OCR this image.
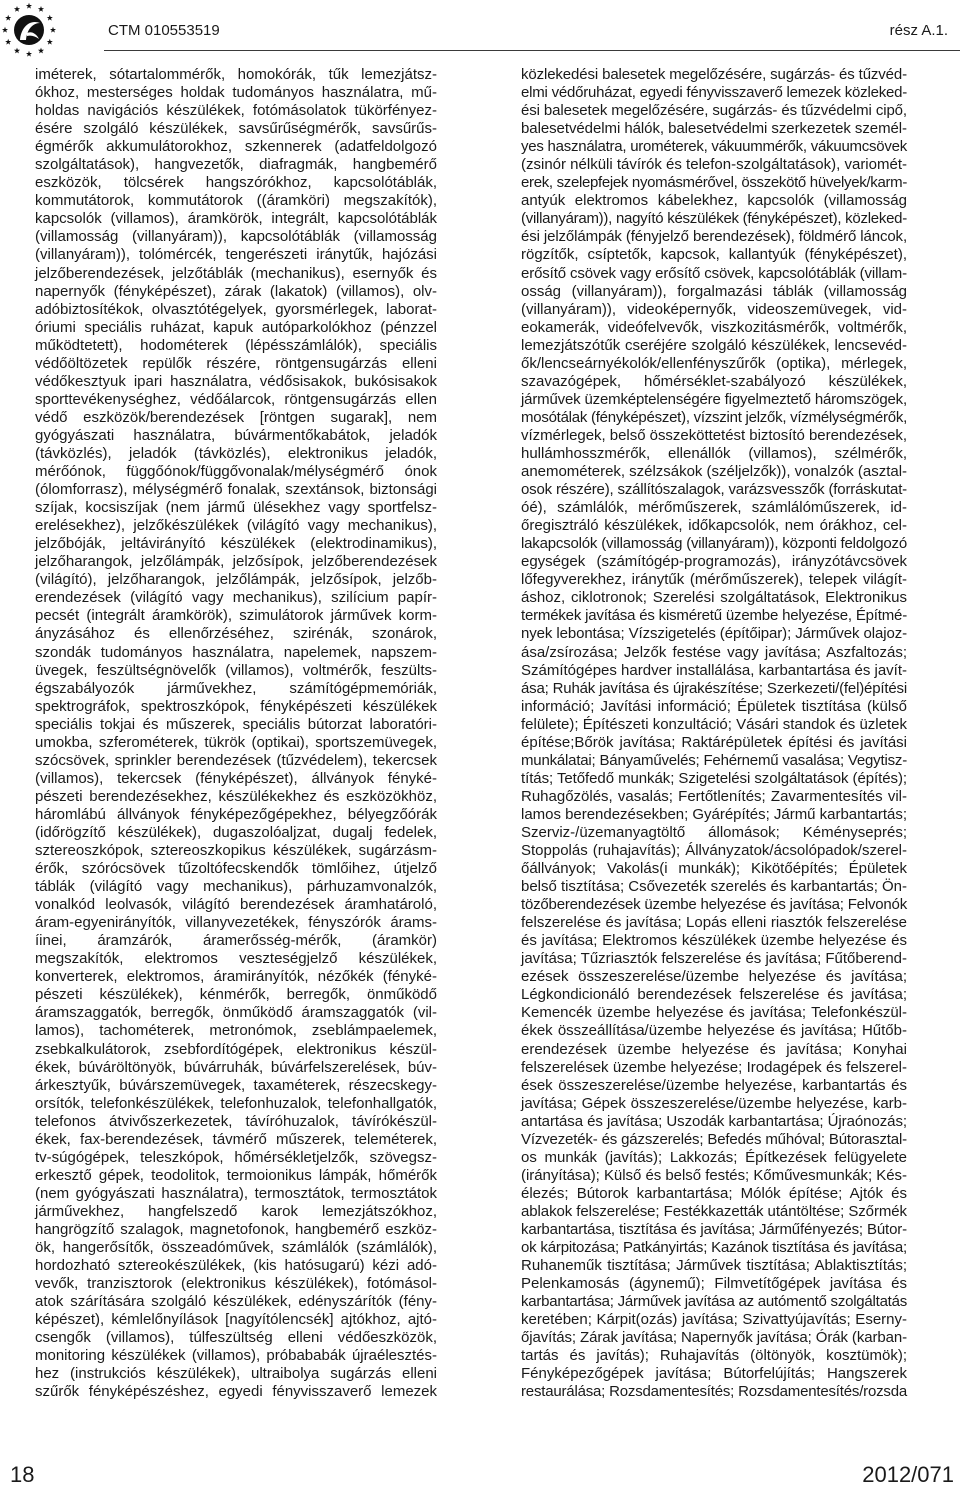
CTM 010553519	rész A.1.
iméterek, sótartalommérők, homokórák, tűk lemezjátsz-
ókhoz, mesterséges holdak tudományos használatra, mű-
holdas navigációs készülékek, fotómásolatok tükörfényez-
ésére szolgáló készülékek, savsűrűségmérők, savsűrűs-
égmérők akkumulátorokhoz, szkennerek (adatfeldolgozó
szolgáltatások), hangvezetők, diafragmák, hangbemérő
eszközök, tölcsérek hangszórókhoz, kapcsolótáblák,
kommutátorok, kommutátorok ((áramköri) megszakítók),
kapcsolók (villamos), áramkörök, integrált, kapcsolótáblák
(villamosság (villanyáram)), kapcsolótáblák (villamosság
(villanyáram)), tolómércék, tengerészeti iránytűk, hajózási
jelzőberendezések, jelzőtáblák (mechanikus), esernyők és
napernyők (fényképészet), zárak (lakatok) (villamos), olv-
adóbiztosítékok, olvasztótégelyek, gyorsmérlegek, laborat-
óriumi speciális ruházat, kapuk autóparkolókhoz (pénzzel
működtetett), hodométerek (lépésszámlálók), speciális
védőöltözetek repülők részére, röntgensugárzás elleni
védőkesztyuk ipari használatra, védősisakok, bukósisakok
sporttevékenységhez, védőálarcok, röntgensugárzás ellen
védő eszközök/berendezések [röntgen sugarak], nem
gyógyászati használatra, búvármentőkabátok, jeladók
(távközlés), jeladók (távközlés), elektronikus jeladók,
mérőónok, függőónok/függővonalak/mélységmérő ónok
(ólomforrasz), mélységmérő fonalak, szextánsok, biztonsági
szíjak, kocsiszíjak (nem jármű ülésekhez vagy sportfelsz-
erelésekhez), jelzőkészülékek (világító vagy mechanikus),
jelzőbóják, jeltávirányító készülékek (elektrodinamikus),
jelzőharangok, jelzőlámpák, jelzősípok, jelzőberendezések
(világító), jelzőharangok, jelzőlámpák, jelzősípok, jelzőb-
erendezések (világító vagy mechanikus), szilícium papír-
pecsét (integrált áramkörök), szimulátorok járművek korm-
ányzásához és ellenőrzéséhez, szirénák, szonárok,
szondák tudományos használatra, napelemek, napszem-
üvegek, feszültségnövelők (villamos), voltmérők, feszülts-
égszabályozók járművekhez, számítógépmemóriák,
spektrográfok, spektroszkópok, fényképészeti készülékek
speciális tokjai és műszerek, speciális bútorzat laboratóri-
umokba, szferométerek, tükrök (optikai), sportszemüvegek,
szócsövek, sprinkler berendezések (tűzvédelem), tekercsek
(villamos), tekercsek (fényképészet), állványok fényké-
pészeti berendezésekhez, készülékekhez és eszközökhöz,
háromlábú állványok fényképezőgépekhez, bélyegzőórák
(időrögzítő készülékek), dugaszolóaljzat, dugalj fedelek,
sztereoszkópok, sztereoszkopikus készülékek, sugárzásm-
érők, szórócsövek tűzoltófecskendők tömlőihez, útjelző
táblák (világító vagy mechanikus), párhuzamvonalzók,
vonalkód leolvasók, világító berendezések áramhatároló,
áram-egyenirányítók, villanyvezetékek, fényszórók árams-
íinei, áramzárók, áramerősség-mérők, (áramkör)
megszakítók, elektromos veszteségjelző készülékek,
konverterek, elektromos, áramirányítók, nézőkék (fényké-
pészeti készülékek), kénmérők, berregők, önműködő
áramszaggatók, berregők, önműködő áramszaggatók (vil-
lamos), tachométerek, metronómok, zseblámpaelemek,
zsebkalkulátorok, zsebfordítógépek, elektronikus készül-
ékek, búváröltönyök, búvárruhák, búvárfelszerelések, búv-
árkesztyűk, búvárszemüvegek, taxaméterek, részecskegy-
orsítók, telefonkészülékek, telefonhuzalok, telefonhallgatók,
telefonos átvivőszerkezetek, távíróhuzalok, távírókészül-
ékek, fax-berendezések, távmérő műszerek, teleméterek,
tv-súgógépek, teleszkópok, hőmérsékletjelzők, szövegsz-
erkesztő gépek, teodolitok, termoionikus lámpák, hőmérők
(nem gyógyászati használatra), termosztátok, termosztátok
járművekhez, hangfelszedő karok lemezjátszókhoz,
hangrögzítő szalagok, magnetofonok, hangbemérő eszköz-
ök, hangerősítők, összeadóművek, számlálók (számlálók),
hordozható sztereokészülékek, (kis hatósugarú) kézi adó-
vevők, tranzisztorok (elektronikus készülékek), fotómásol-
atok szárítására szolgáló készülékek, edényszárítók (fény-
képészet), kémlelőnyílások [nagyítólencsék] ajtókhoz, ajtó-
csengők (villamos), túlfeszültség elleni védőeszközök,
monitoring készülékek (villamos), próbababák újraélesztés-
hez (instrukciós készülékek), ultraibolya sugárzás elleni
szűrők fényképészéshez, egyedi fényvisszaverő lemezek
közlekedési balesetek megelőzésére, sugárzás- és tűzvéd-
elmi védőruházat, egyedi fényvisszaverő lemezek közleked-
ési balesetek megelőzésére, sugárzás- és tűzvédelmi cipő,
balesetvédelmi hálók, balesetvédelmi szerkezetek személ-
yes használatra, urométerek, vákuummérők, vákuumcsövek
(zsinór nélküli távírók és telefon-szolgáltatások), variomét-
erek, szelepfejek nyomásmérővel, összekötő hüvelyek/karm-
antyúk elektromos kábelekhez, kapcsolók (villamosság
(villanyáram)), nagyító készülékek (fényképészet), közleked-
ési jelzőlámpák (fényjelző berendezések), földmérő láncok,
rögzítők, csíptetők, kapcsok, kallantyúk (fényképészet),
erősítő csövek vagy erősítő csövek, kapcsolótáblák (villam-
osság (villanyáram)), forgalmazási táblák (villamosság
(villanyáram)), videoképernyők, videoszemüvegek, vid-
eokamerák, videófelvevők, viszkozitásmérők, voltmérők,
lemezjátszótűk cseréjére szolgáló készülékek, lencsevéd-
ők/lencseárnyékolók/ellenfényszűrők (optika), mérlegek,
szavazógépek, hőmérséklet-szabályozó készülékek,
járművek üzemképtelenségére figyelmeztető háromszögek,
mosótálak (fényképészet), vízszint jelzők, vízmélységmérők,
vízmérlegek, belső összeköttetést biztosító berendezések,
hullámhosszmérők, ellenállók (villamos), szélmérők,
anemométerek, szélzsákok (széljelzők)), vonalzók (asztal-
osok részére), szállítószalagok, varázsvesszők (forráskutat-
óé), számlálók, mérőműszerek, számlálóműszerek, id-
őregisztráló készülékek, időkapcsolók, nem órákhoz, cel-
lakapcsolók (villamosság (villanyáram)), központi feldolgozó
egységek (számítógép-programozás), irányzótávcsövek
lőfegyverekhez, iránytűk (mérőműszerek), telepek világít-
áshoz, ciklotronok; Szerelési szolgáltatások, Elektronikus
termékek javítása és kisméretű üzembe helyezése, Építmé-
nyek lebontása; Vízszigetelés (építőipar); Járművek olajoz-
ása/zsírozása; Jelzők festése vagy javítása; Aszfaltozás;
Számítógépes hardver installálása, karbantartása és javít-
ása; Ruhák javítása és újrakészítése; Szerkezeti/(fel)építési
információ; Javítási információ; Épületek tisztítása (külső
felülete); Építészeti konzultáció; Vásári standok és üzletek
építése;Bőrök javítása; Raktárépületek építési és javítási
munkálatai; Bányaművelés; Fehérnemű vasalása; Vegytisz-
títás; Tetőfedő munkák; Szigetelési szolgáltatások (építés);
Ruhagőzölés, vasalás; Fertőtlenítés; Zavarmentesítés vil-
lamos berendezésekben; Gyárépítés; Jármű karbantartás;
Szerviz-/üzemanyagtöltő állomások; Kéményseprés;
Stoppolás (ruhajavítás); Állványzatok/ácsolópadok/szerel-
őállványok; Vakolás(i munkák); Kikötőépítés; Épületek
belső tisztítása; Csővezeték szerelés és karbantartás; Ön-
tözőberendezések üzembe helyezése és javítása; Felvonók
felszerelése és javítása; Lopás elleni riasztók felszerelése
és javítása; Elektromos készülékek üzembe helyezése és
javítása; Tűzriasztók felszerelése és javítása; Fűtőberend-
ezések összeszerelése/üzembe helyezése és javítása;
Légkondicionáló berendezések felszerelése és javítása;
Kemencék üzembe helyezése és javítása; Telefonkészül-
ékek összeállítása/üzembe helyezése és javítása; Hűtőb-
erendezések üzembe helyezése és javítása; Konyhai
felszerelések üzembe helyezése; Irodagépek és felszerel-
ések összeszerelése/üzembe helyezése, karbantartás és
javítása; Gépek összeszerelése/üzembe helyezése, karb-
antartása és javítása; Uszodák karbantartása; Újraónozás;
Vízvezeték- és gázszerelés; Befedés műhóval; Bútorasztal-
os munkák (javítás); Lakkozás; Építkezések felügyelete
(irányítása); Külső és belső festés; Kőművesmunkák; Kés-
élezés; Bútorok karbantartása; Mólók építése; Ajtók és
ablakok felszerelése; Festékkazetták utántöltése; Szőrmék
karbantartása, tisztítása és javítása; Járműfényezés; Bútor-
ok kárpitozása; Patkányirtás; Kazánok tisztítása és javítása;
Ruhaneműk tisztítása; Járművek tisztítása; Ablaktisztítás;
Pelenkamosás (ágynemű); Filmvetítőgépek javítása és
karbantartása; Járművek javítása az autómentő szolgáltatás
keretében; Kárpit(ozás) javítása; Szivattyújavítás; Eserny-
őjavítás; Zárak javítása; Napernyők javítása; Órák (karban-
tartás és javítás); Ruhajavítás (öltönyök, kosztümök);
Fényképezőgépek javítása; Bútorfelújítás; Hangszerek
restaurálása; Rozsdamentesítés; Rozsdamentesítés/rozsda
18	2012/071
